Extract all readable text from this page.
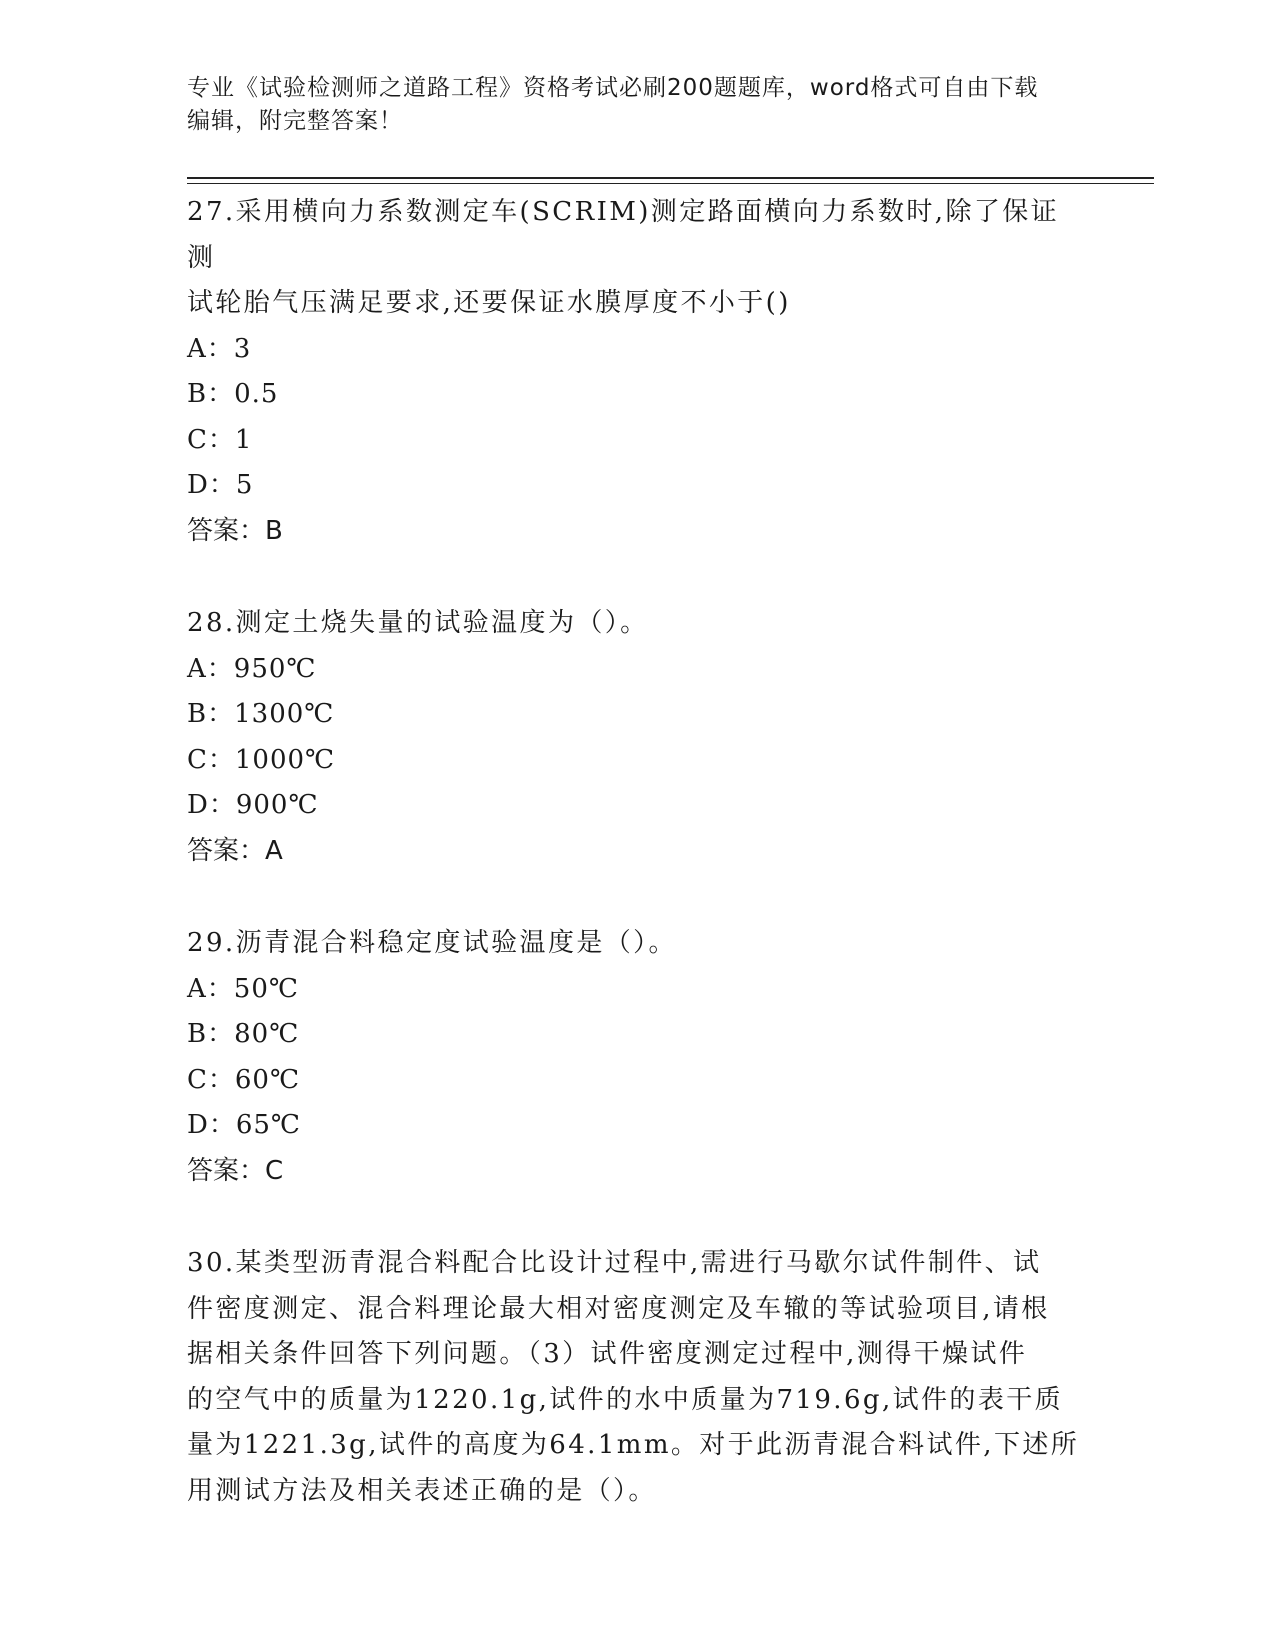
专业《试验检测师之道路工程》资格考试必刷200题题库，word格式可自由下载
编辑，附完整答案！

27.采用横向力系数测定车(SCRIM)测定路面横向力系数时,除了保证测

试轮胎气压满足要求,还要保证水膜厚度不小于()

A：3

B：0.5

C：1

D：5

答案：B

28.测定土烧失量的试验温度为（）。

A：950℃

B：1300℃

C：1000℃

D：900℃

答案：A

29.沥青混合料稳定度试验温度是（）。

A：50℃

B：80℃

C：60℃

D：65℃

答案：C

30.某类型沥青混合料配合比设计过程中,需进行马歇尔试件制件、试

件密度测定、混合料理论最大相对密度测定及车辙的等试验项目,请根

据相关条件回答下列问题。（3）试件密度测定过程中,测得干燥试件

的空气中的质量为1220.1g,试件的水中质量为719.6g,试件的表干质

量为1221.3g,试件的高度为64.1mm。对于此沥青混合料试件,下述所

用测试方法及相关表述正确的是（）。
